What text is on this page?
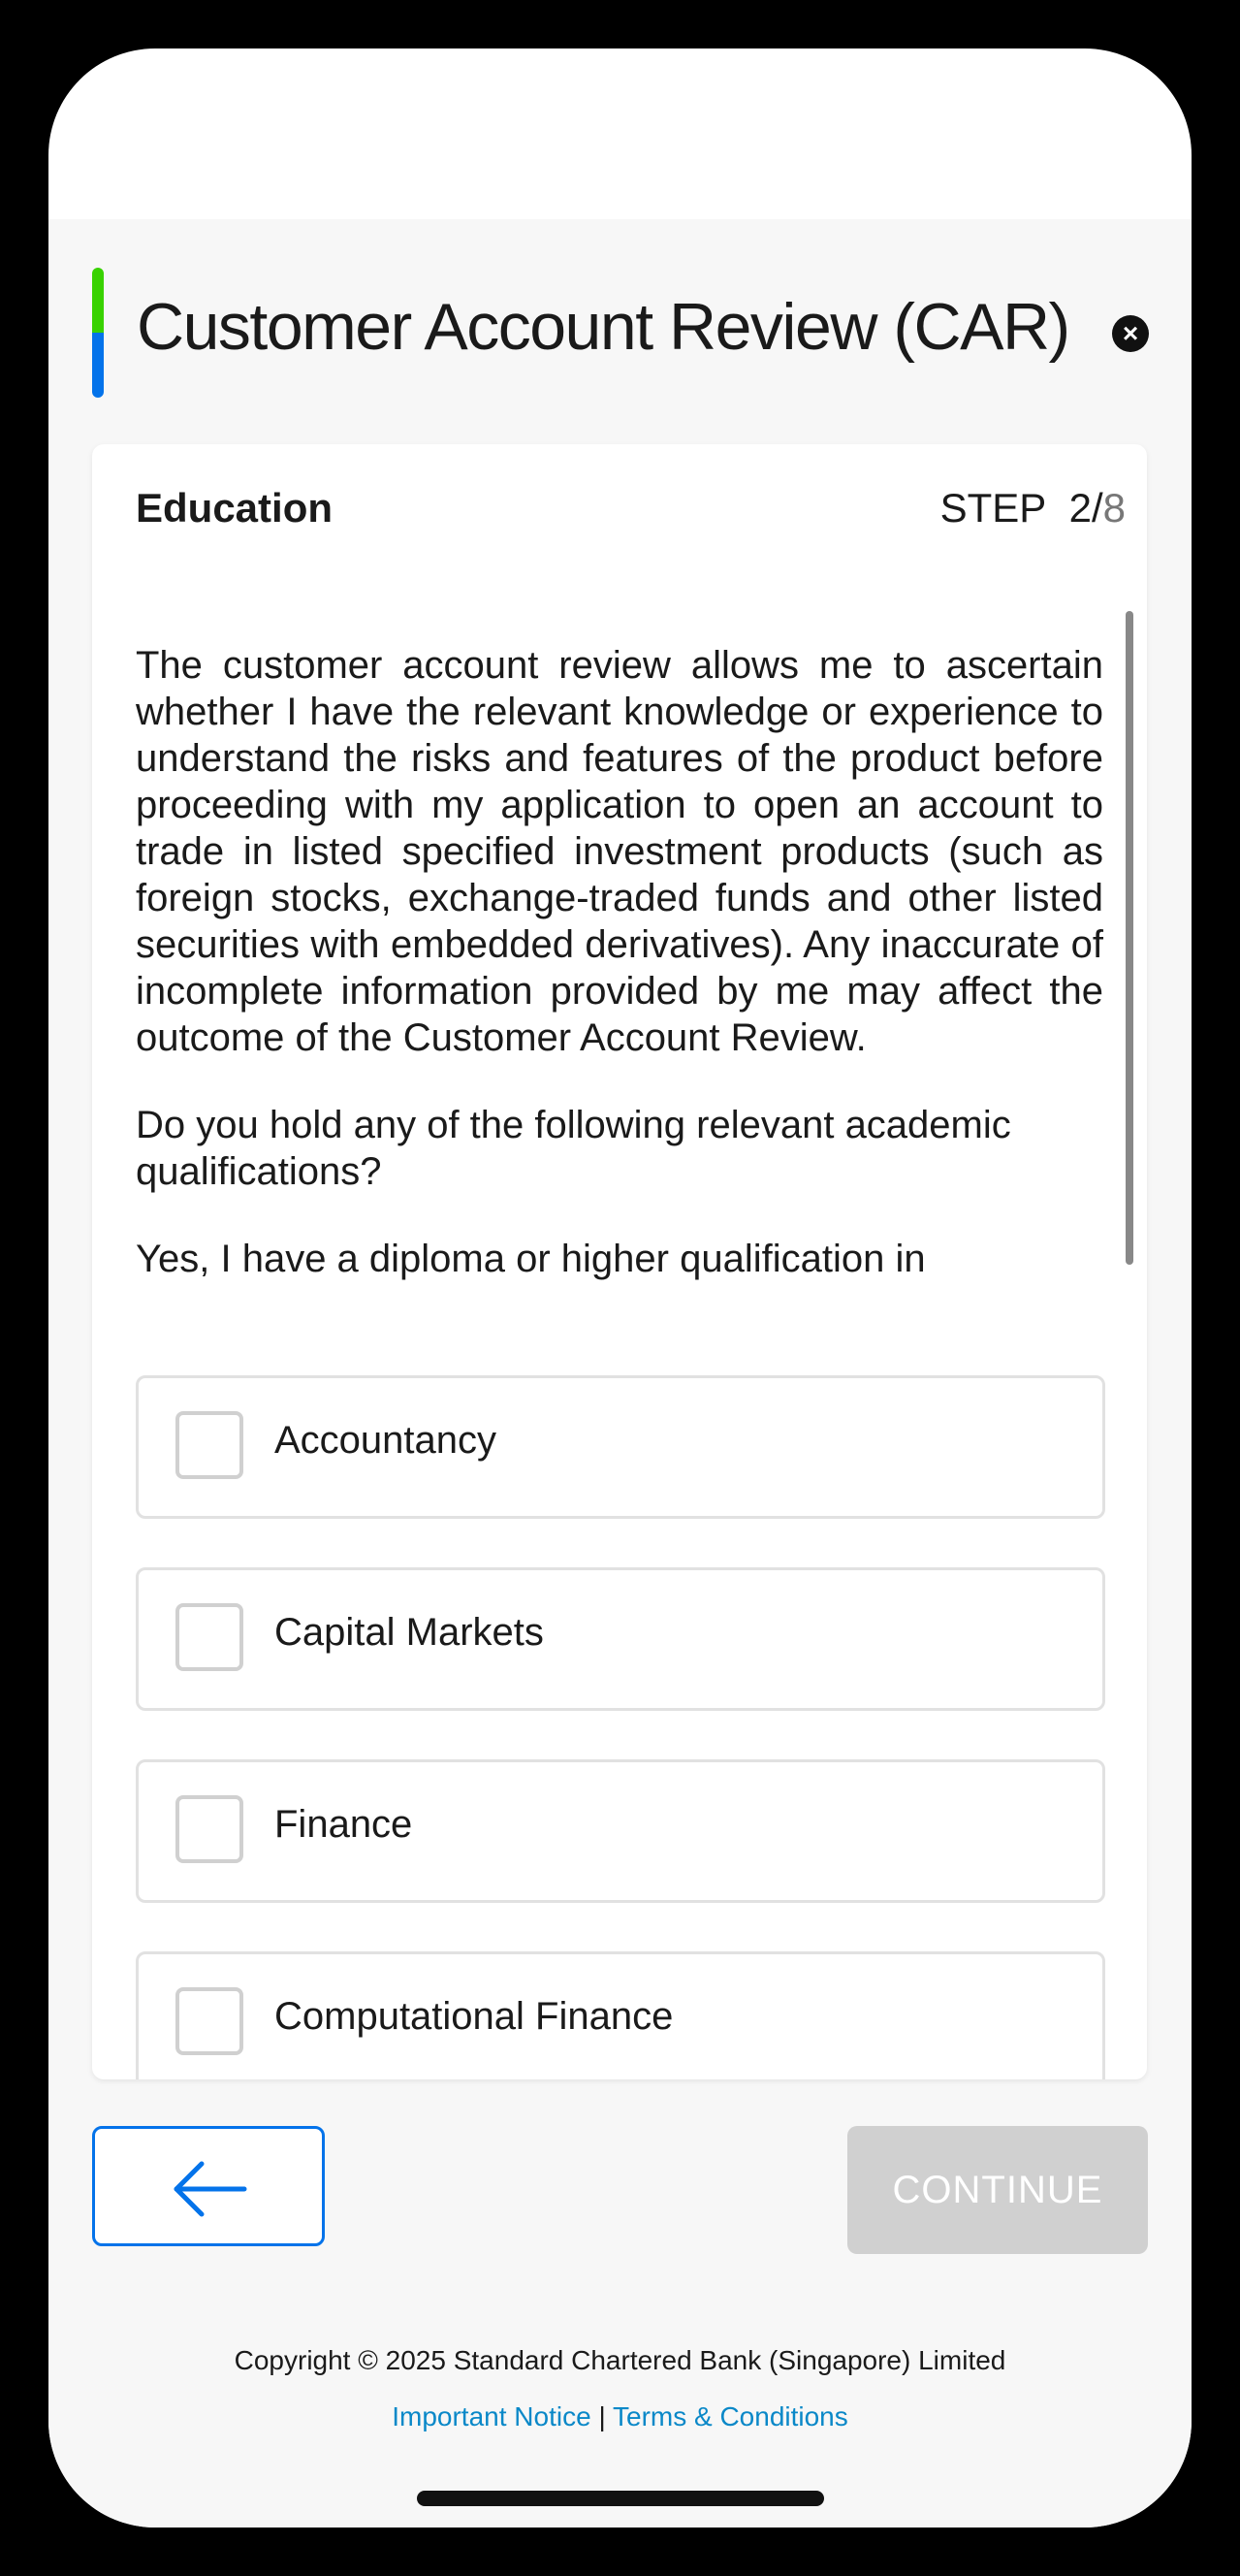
Customer Account Review (CAR)	×
Education	STEP 2/8

The customer account review allows me to ascertain whether I have the relevant knowledge or experience to understand the risks and features of the product before proceeding with my application to open an account to trade in listed specified investment products (such as foreign stocks, exchange-traded funds and other listed securities with embedded derivatives). Any inaccurate of incomplete information provided by me may affect the outcome of the Customer Account Review.

Do you hold any of the following relevant academic qualifications?

Yes, I have a diploma or higher qualification in

Accountancy
Capital Markets
Finance
Computational Finance
CONTINUE
Copyright © 2025 Standard Chartered Bank (Singapore) Limited
Important Notice | Terms & Conditions
